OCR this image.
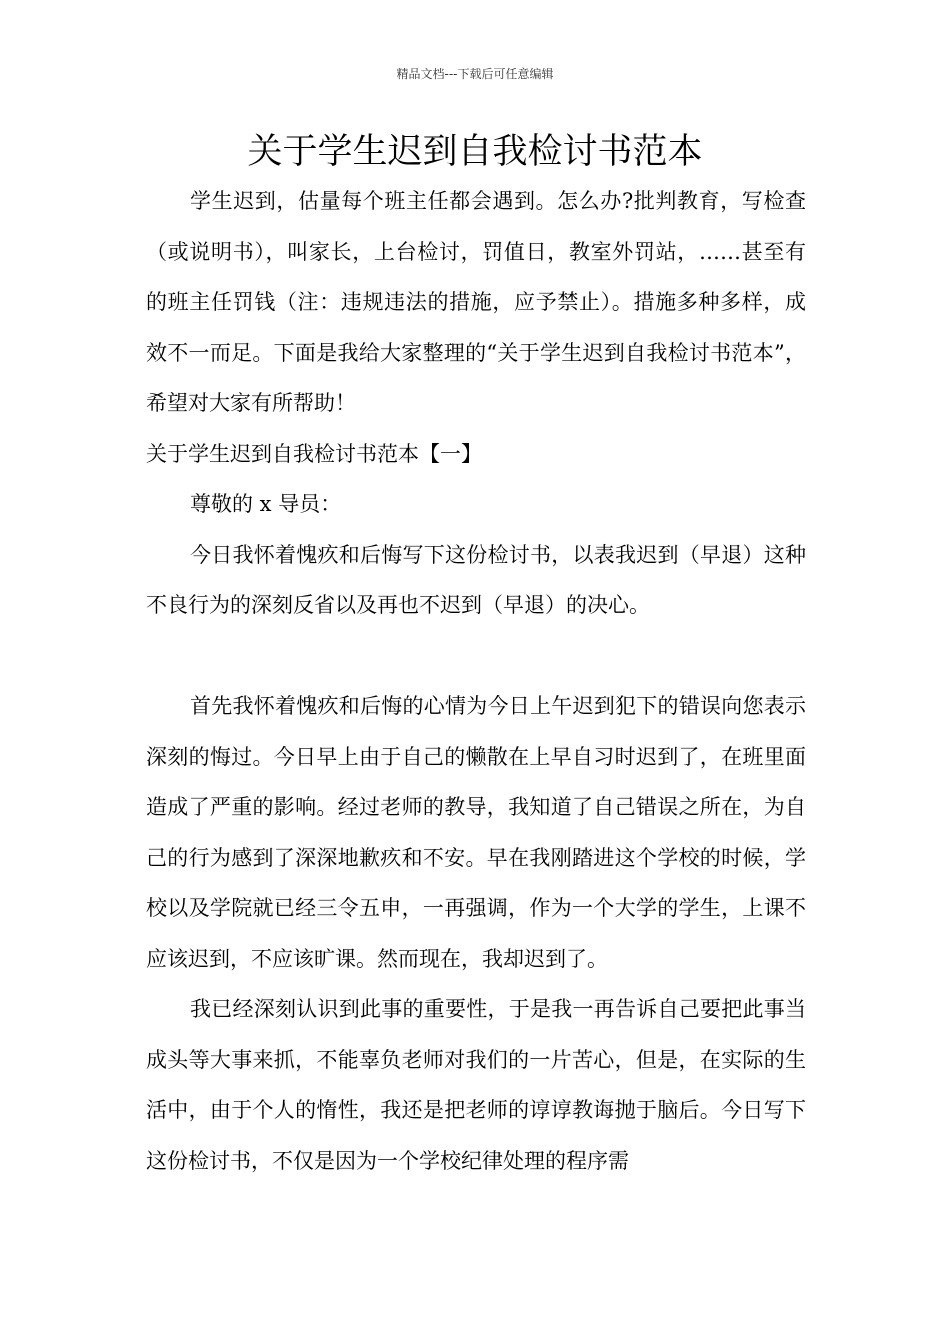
精品文档---下载后可任意编辑
关于学生迟到自我检讨书范本

学生迟到，估量每个班主任都会遇到。怎么办?批判教育，写检查（或说明书），叫家长，上台检讨，罚值日，教室外罚站，……甚至有的班主任罚钱（注：违规违法的措施，应予禁止）。措施多种多样，成效不一而足。下面是我给大家整理的“关于学生迟到自我检讨书范本”，希望对大家有所帮助！

关于学生迟到自我检讨书范本【一】

尊敬的 x 导员：

今日我怀着愧疚和后悔写下这份检讨书，以表我迟到（早退）这种不良行为的深刻反省以及再也不迟到（早退）的决心。

首先我怀着愧疚和后悔的心情为今日上午迟到犯下的错误向您表示深刻的悔过。今日早上由于自己的懒散在上早自习时迟到了，在班里面造成了严重的影响。经过老师的教导，我知道了自己错误之所在，为自己的行为感到了深深地歉疚和不安。早在我刚踏进这个学校的时候，学校以及学院就已经三令五申，一再强调，作为一个大学的学生，上课不应该迟到，不应该旷课。然而现在，我却迟到了。

我已经深刻认识到此事的重要性，于是我一再告诉自己要把此事当成头等大事来抓，不能辜负老师对我们的一片苦心，但是，在实际的生活中，由于个人的惰性，我还是把老师的谆谆教诲抛于脑后。今日写下这份检讨书，不仅是因为一个学校纪律处理的程序需
